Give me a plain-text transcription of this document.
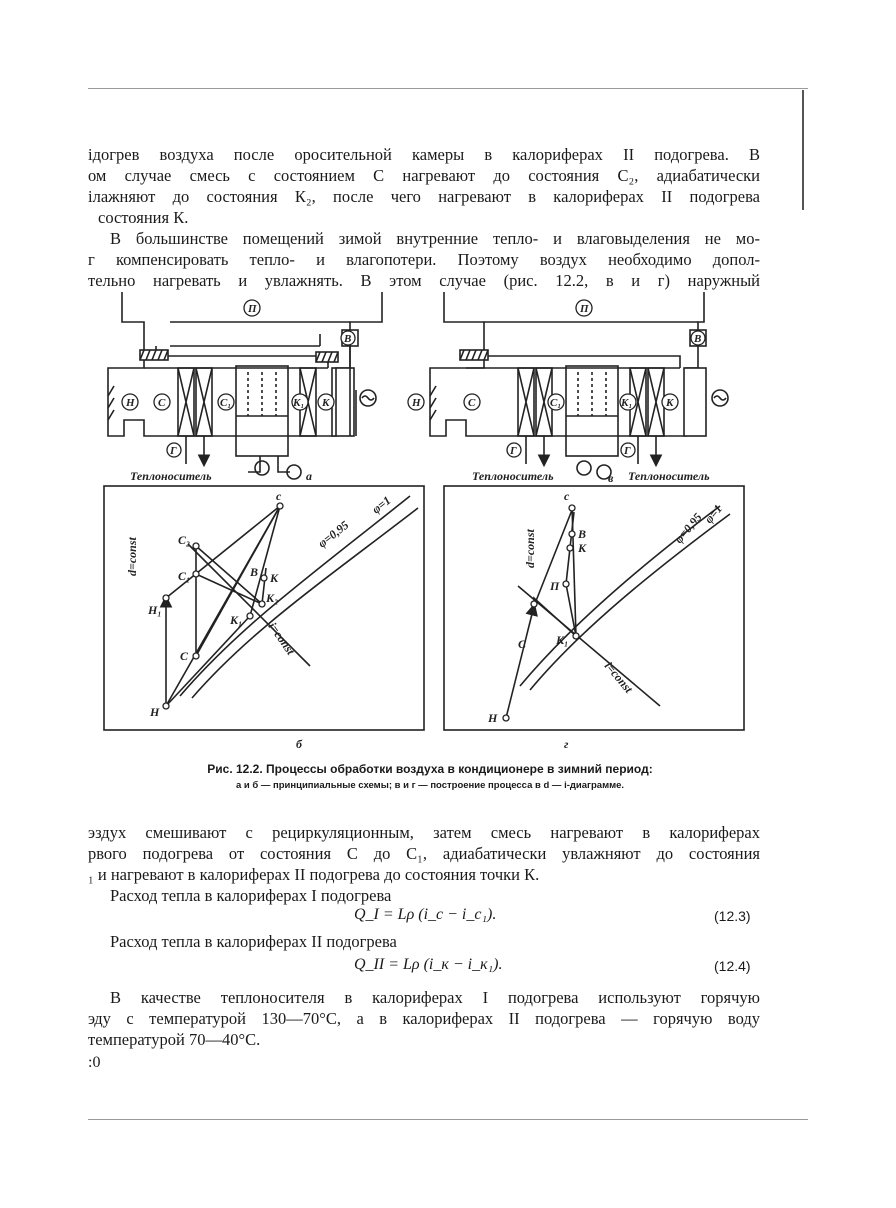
ідогрев воздуха после оросительной камеры в калориферах II подогрева. В
ом случае смесь с состоянием С нагревают до состояния С₂, адиабатически
ілажняют до состояния К₂, после чего нагревают в калориферах II подогрева
состояния К.
В большинстве помещений зимой внутренние тепло- и влаговыделения не мо-
г компенсировать тепло- и влагопотери. Поэтому воздух необходимо допол-
тельно нагревать и увлажнять. В этом случае (рис. 12.2, в и г) наружный
П
В
Н С	С₁	К₁ К
Г
Теплоноситель	а
П
В
Н	С	С₁	К₁	К
Г	Г
Теплоноситель	в Теплоноситель
d=const
i=const
φ=0,95
φ=1
Н
Н₁
С
С₁
С₂
К₁
К₂
К
В
с
б
d=const
i=const
φ=0,95
φ=1
Н
С К₁
П
К
В
с
г
Рис. 12.2. Процессы обработки воздуха в кондиционере в зимний период:
а и б — принципиальные схемы; в и г — построение процесса в d — i-диаграмме.
эздух смешивают с рециркуляционным, затем смесь нагревают в калориферах
рвого подогрева от состояния С до С₁, адиабатически увлажняют до состояния
₁ и нагревают в калориферах II подогрева до состояния точки К.
Расход тепла в калориферах I подогрева
Q_I = Lρ (i_c − i_c₁).	(12.3)
Расход тепла в калориферах II подогрева
Q_II = Lρ (i_к − i_к₁).	(12.4)
В качестве теплоносителя в калориферах I подогрева используют горячую
эду с температурой 130—70°С, а в калориферах II подогрева — горячую воду
температурой 70—40°С.
:0
